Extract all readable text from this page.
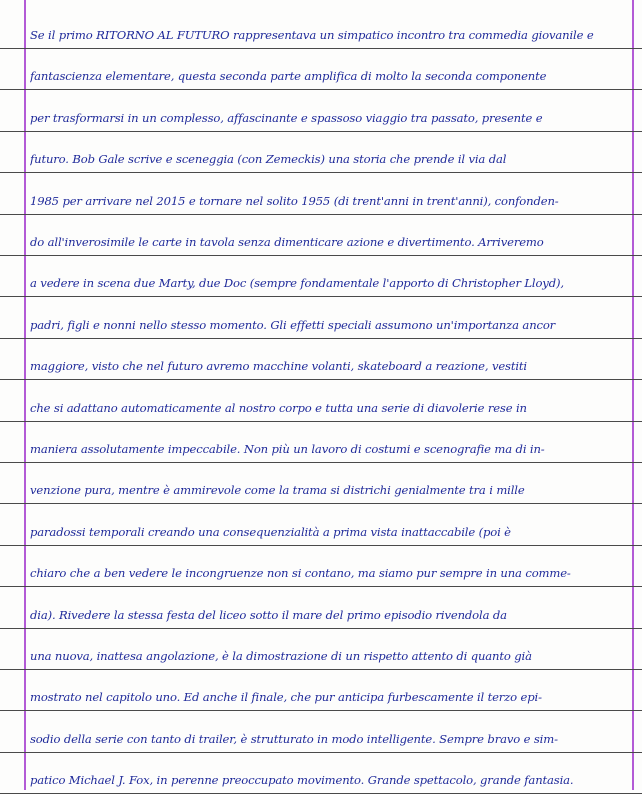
Se il primo RITORNO AL FUTURO rappresentava un simpatico incontro tra commedia giovanile e
fantascienza elementare, questa seconda parte amplifica di molto la seconda componente
per trasformarsi in un complesso, affascinante e spassoso viaggio tra passato, presente e
futuro. Bob Gale scrive e sceneggia (con Zemeckis) una storia che prende il via dal
1985 per arrivare nel 2015 e tornare nel solito 1955 (di trent'anni in trent'anni), confonden-
do all'inverosimile le carte in tavola senza dimenticare azione e divertimento. Arriveremo
a vedere in scena due Marty, due Doc (sempre fondamentale l'apporto di Christopher Lloyd),
padri, figli e nonni nello stesso momento. Gli effetti speciali assumono un'importanza ancor
maggiore, visto che nel futuro avremo macchine volanti, skateboard a reazione, vestiti
che si adattano automaticamente al nostro corpo e tutta una serie di diavolerie rese in
maniera assolutamente impeccabile. Non più un lavoro di costumi e scenografie ma di in-
venzione pura, mentre è ammirevole come la trama si districhi genialmente tra i mille
paradossi temporali creando una consequenzialità a prima vista inattaccabile (poi è
chiaro che a ben vedere le incongruenze non si contano, ma siamo pur sempre in una comme-
dia). Rivedere la stessa festa del liceo sotto il mare del primo episodio rivendola da
una nuova, inattesa angolazione, è la dimostrazione di un rispetto attento di quanto già
mostrato nel capitolo uno. Ed anche il finale, che pur anticipa furbescamente il terzo epi-
sodio della serie con tanto di trailer, è strutturato in modo intelligente. Sempre bravo e sim-
patico Michael J. Fox, in perenne preoccupato movimento. Grande spettacolo, grande fantasia.
